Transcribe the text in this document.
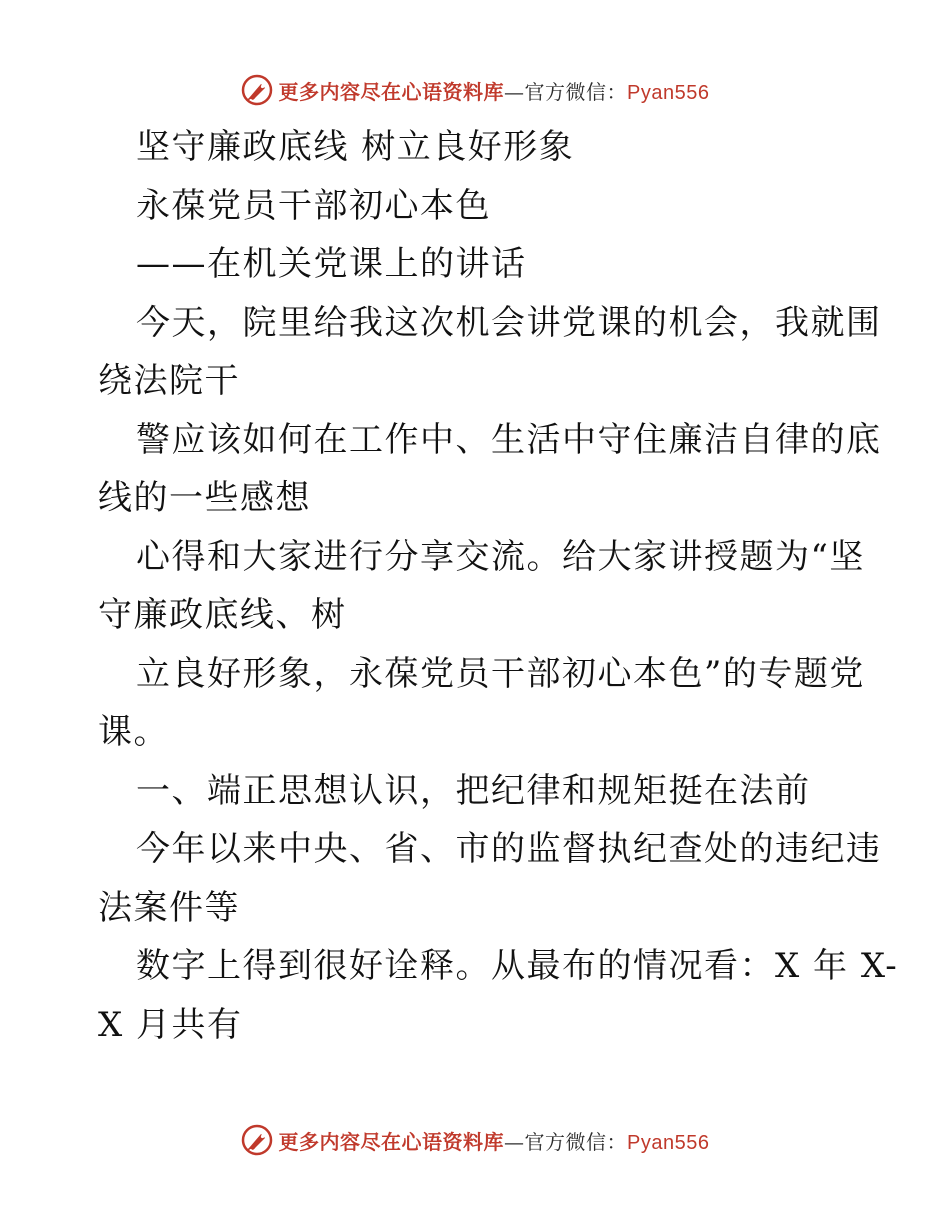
更多内容尽在心语资料库—官方微信：Pyan556
坚守廉政底线 树立良好形象
永葆党员干部初心本色
——在机关党课上的讲话
今天，院里给我这次机会讲党课的机会，我就围
绕法院干
警应该如何在工作中、生活中守住廉洁自律的底
线的一些感想
心得和大家进行分享交流。给大家讲授题为“坚
守廉政底线、树
立良好形象，永葆党员干部初心本色”的专题党
课。
一、端正思想认识，把纪律和规矩挺在法前
今年以来中央、省、市的监督执纪查处的违纪违
法案件等
数字上得到很好诠释。从最布的情况看：X 年 X-
X 月共有
更多内容尽在心语资料库—官方微信：Pyan556
